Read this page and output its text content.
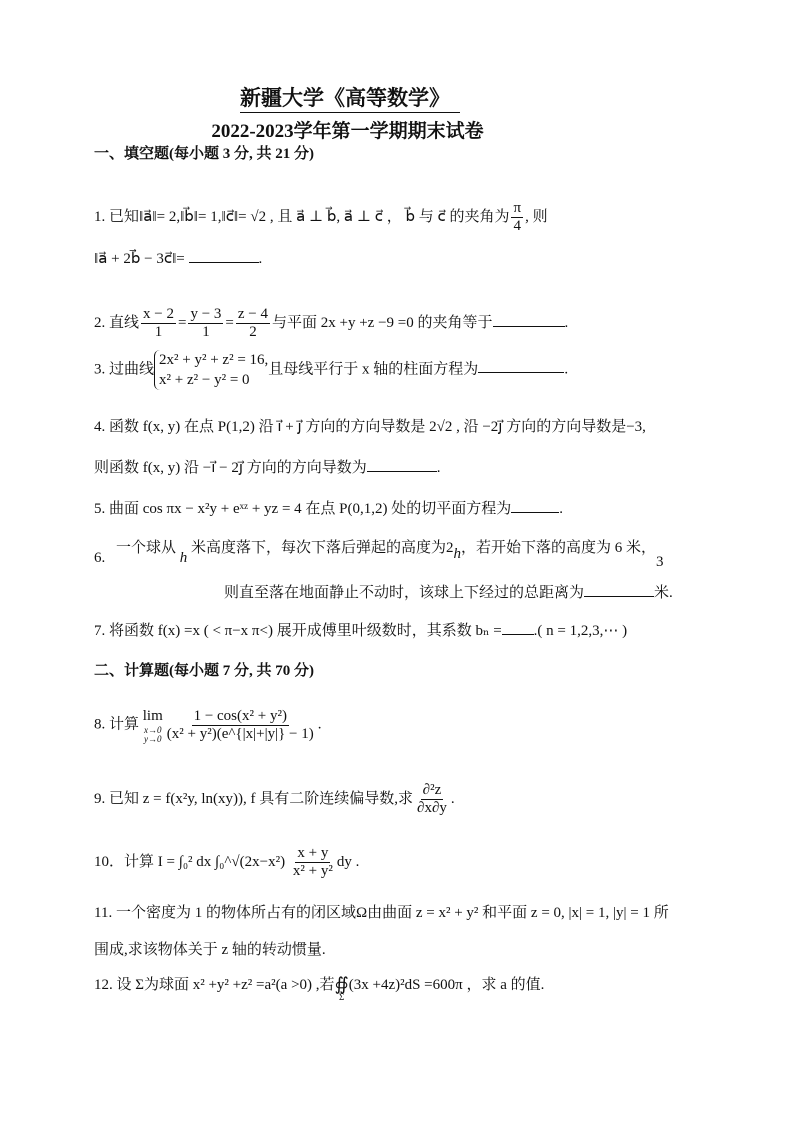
新疆大学《高等数学》
2022-2023学年第一学期期末试卷
一、填空题(每小题 3 分, 共 21 分)
1. 已知‖a⃗‖= 2,‖b⃗‖= 1,‖c⃗‖= √2 , 且 a⃗ ⊥ b⃗, a⃗ ⊥ c⃗ ， b⃗ 与 c⃗ 的夹角为 $\frac{\pi}{4}$ , 则
‖a⃗ + 2b⃗ − 3c⃗‖=	.
2. 直线 $\frac{x - 2}{1} = \frac{y - 3}{1} = \frac{z - 4}{2}$ 与平面 2x +y +z −9 =0 的夹角等于	.
3. 过曲线
2x² + y² + z² = 16,
x² + z² − y² = 0
且母线平行于 x 轴的柱面方程为	.
4. 函数 f(x, y) 在点 P(1,2) 沿 i⃗ + j⃗ 方向的方向导数是 2√2 , 沿 −2j⃗ 方向的方向导数是−3,
则函数 f(x, y) 沿 −i⃗ − 2j⃗ 方向的方向导数为	.
5. 曲面 cos πx − x²y + eˣᶻ + yz = 4 在点 P(0,1,2) 处的切平面方程为	.
6.
一个球从 h 米高度落下，每次下落后弹起的高度为2h，若开始下落的高度为 6 米，3
则直至落在地面静止不动时，该球上下经过的总距离为	米.
7. 将函数 f(x) =x ( < π−x π<) 展开成傅里叶级数时，其系数 bₙ = .( n = 1,2,3,⋯ )
二、计算题(每小题 7 分, 共 70 分)
8. 计算
lim
x→0
$y\to 0 \frac{\text{1 − cos(x² + y²)}}{\text{(x² + y²)(e\textasciicircum{}\{|x|+|y|\} − 1)}}$ .
9. 已知 z = f(x²y, ln(xy)), f 具有二阶连续偏导数,求 $\frac{\text{∂²z}}{\partial x\partial y}$ .
10．计算 I = ∫₀² dx ∫₀^√(2x−x²) $\frac{x + y}{\text{x² + y²}}$ dy .
11. 一个密度为 1 的物体所占有的闭区域Ω由曲面 z = x² + y² 和平面 z = 0, |x| = 1, |y| = 1 所
围成,求该物体关于 z 轴的转动惯量.
12. 设 Σ为球面 x² +y² +z² =a²(a >0) ,若 ∯
Σ
(3x +4z)²dS =600π ，求 a 的值.
